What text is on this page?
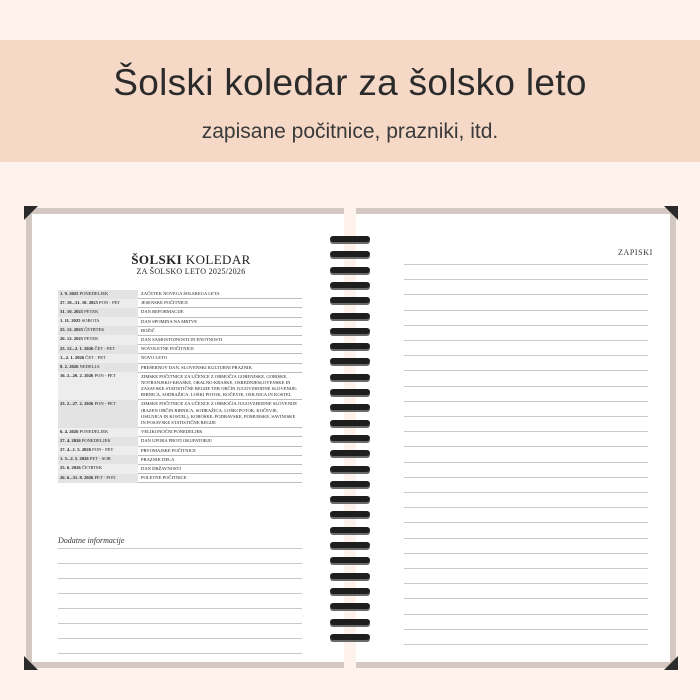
Šolski koledar za šolsko leto
zapisane počitnice, prazniki, itd.
ŠOLSKI KOLEDAR
ZA ŠOLSKO LETO 2025/2026
1. 9. 2025 PONEDELJEK	ZAČETEK NOVEGA ŠOLSKEGA LETA
27. 10.–31. 10. 2025 PON - PET	JESENSKE POČITNICE
31. 10. 2025 PETEK	DAN REFORMACIJE
1. 11. 2025 SOBOTA	DAN SPOMINA NA MRTVE
25. 12. 2025 ČETRTEK	BOŽIČ
26. 12. 2025 PETEK	DAN SAMOSTOJNOSTI IN ENOTNOSTI
25. 12.–2. 1. 2026 ČET - PET	NOVOLETNE POČITNICE
1.–2. 1. 2026 ČET - PET	NOVO LETO
8. 2. 2026 NEDELJA	PREŠERNOV DAN, SLOVENSKI KULTURNI PRAZNIK
16. 2.–20. 2. 2026 PON - PET	ZIMSKE POČITNICE ZA UČENCE Z OBMOČJA GORENJSKE, GORIŠKE, NOTRANJSKO-KRAŠKE, OBALNO-KRAŠKE, OSREDNJESLOVENSKE IN ZASAVSKE STATISTIČNE REGIJE TER OBČIN JUGOVZHODNE SLOVENIJE: RIBNICA, SODRAŽICA, LOŠKI POTOK, KOČEVJE, OSILNICA IN KOSTEL
23. 2.–27. 2. 2026 PON - PET	ZIMSKE POČITNICE ZA UČENCE Z OBMOČJA JUGOVZHODNE SLOVENIJE (RAZEN OBČIN RIBNICA, SODRAŽICA, LOŠKI POTOK, KOČEVJE, OSILNICA IN KOSTEL), KOROŠKE, PODRAVSKE, POMURSKE, SAVINJSKE IN POSAVSKE STATISTIČNE REGIJE
6. 4. 2026 PONEDELJEK	VELIKONOČNI PONEDELJEK
27. 4. 2026 PONEDELJEK	DAN UPORA PROTI OKUPATORJU
27. 4.–1. 5. 2026 PON - PET	PRVOMAJSKE POČITNICE
1. 5.–2. 5. 2026 PET - SOB	PRAZNIK DELA
25. 6. 2026 ČETRTEK	DAN DRŽAVNOSTI
26. 6.–31. 8. 2026 PET - PON	POLETNE POČITNICE
Dodatne informacije
ZAPISKI
